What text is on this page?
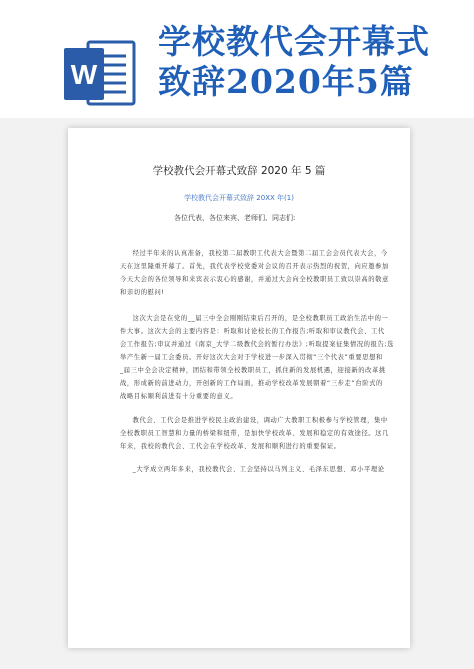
W
学校教代会开幕式
致辞2020年5篇
学校教代会开幕式致辞 2020 年 5 篇
学校教代会开幕式致辞 20XX 年(1)
各位代表、各位来宾、老师们、同志们:

经过半年来的认真准备，我校第二届教职工代表大会暨第二届工会会员代表大会，今
天在这里隆重开幕了。首先，我代表学校党委对会议的召开表示热烈的祝贺，向应邀参加
今天大会的各位领导和来宾表示衷心的感谢，并通过大会向全校教职员工致以崇高的敬意
和亲切的慰问!

这次大会是在党的__届三中全会刚刚结束后召开的，是全校教职员工政治生活中的一
件大事。这次大会的主要内容是：听取和讨论校长的工作报告;听取和审议教代会、工代
会工作报告;审议并通过《南京_大学二级教代会的暂行办法》;听取提案征集情况的报告;选
举产生新一届工会委员。开好这次大会对于学校进一步深入贯彻“三个代表”重要思想和
_届三中全会决定精神，团结和带领全校教职员工，抓住新的发展机遇，迎接新的改革挑
战，形成新的前进动力，开创新的工作局面，推动学校改革发展朝着“三步走”台阶式的
战略目标顺利前进有十分重要的意义。

教代会、工代会是推进学校民主政治建设，调动广大教职工积极参与学校管理，集中
全校教职员工智慧和力量的桥梁和纽带，是加快学校改革、发展和稳定的有效途径。这几
年来，我校的教代会、工代会在学校改革、发展和顺利进行的重要保证。

_大学成立两年多来，我校教代会、工会坚持以马列主义、毛泽东思想、邓小平理论
